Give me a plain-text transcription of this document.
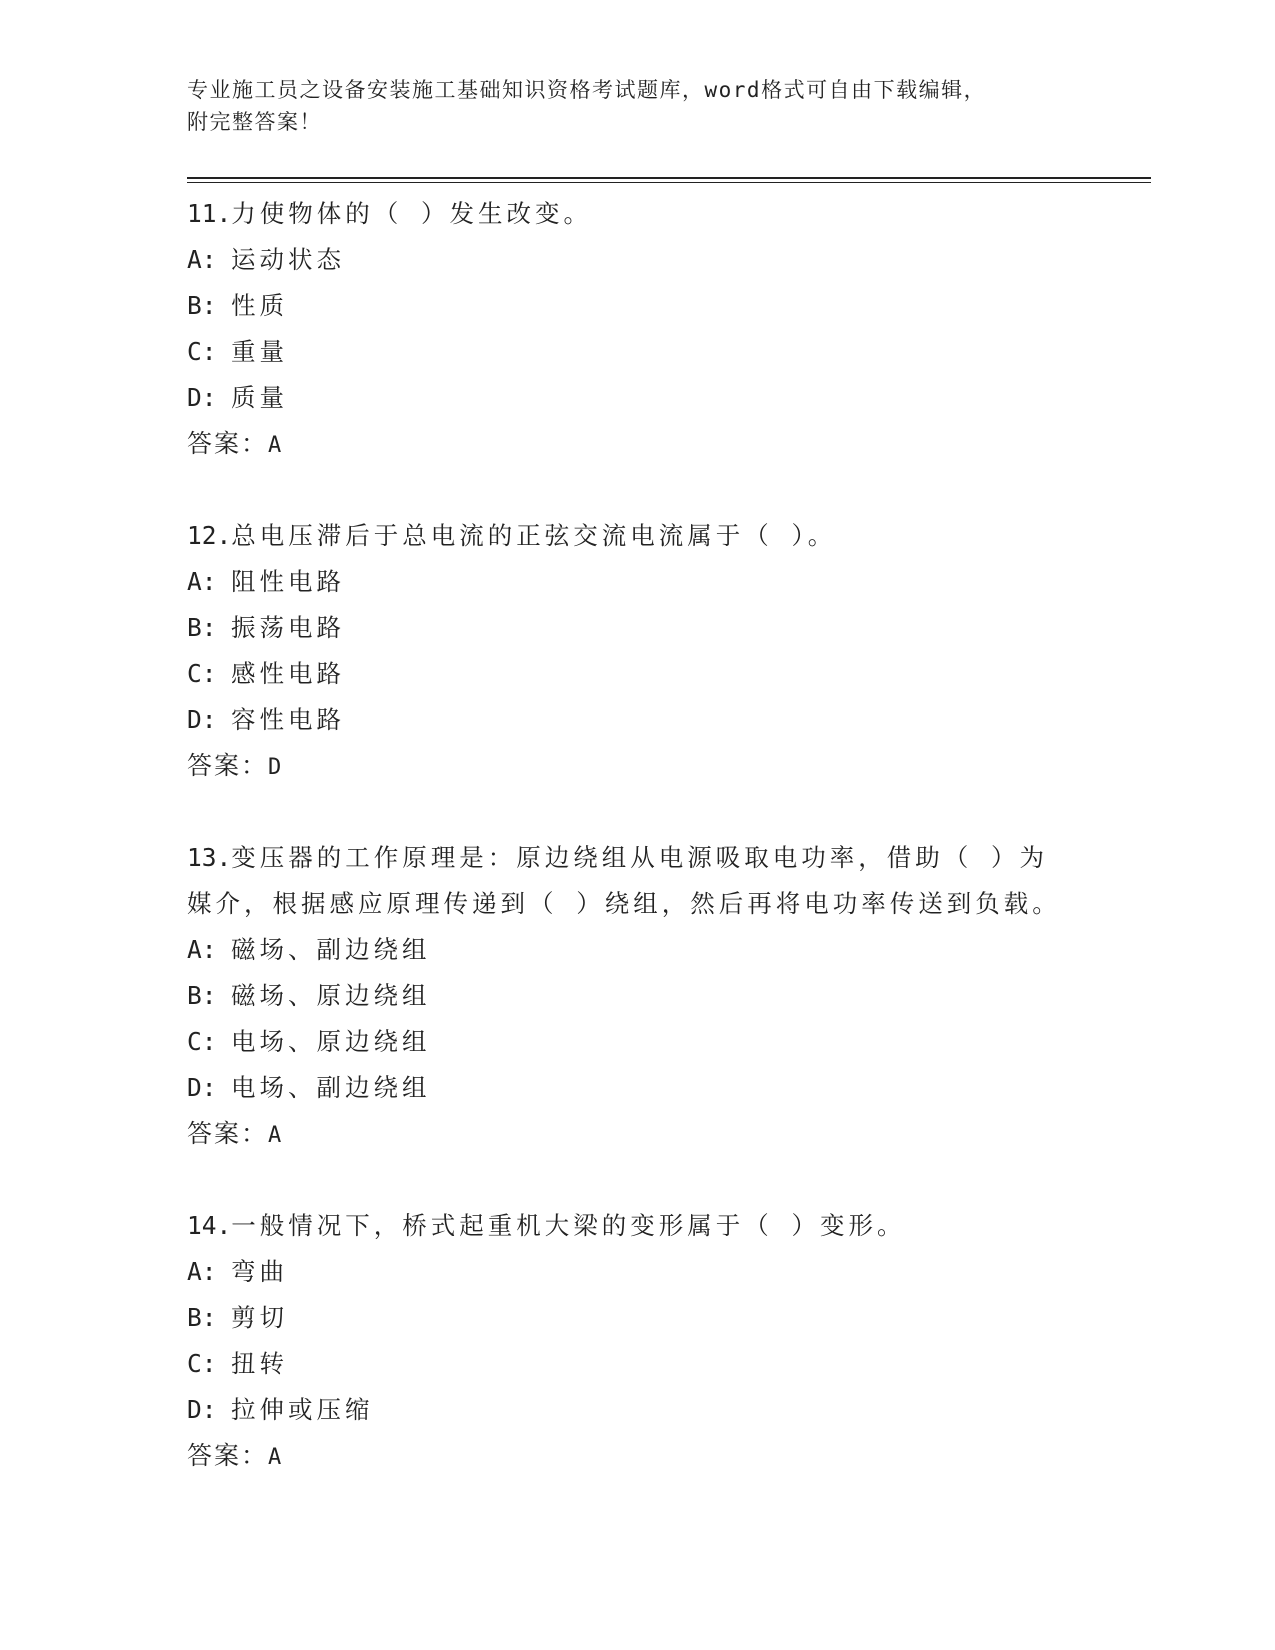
专业施工员之设备安装施工基础知识资格考试题库，word格式可自由下载编辑，
附完整答案！
11.力使物体的（ ）发生改变。
A: 运动状态
B: 性质
C: 重量
D: 质量
答案：A
12.总电压滞后于总电流的正弦交流电流属于（ ）。
A: 阻性电路
B: 振荡电路
C: 感性电路
D: 容性电路
答案：D
13.变压器的工作原理是：原边绕组从电源吸取电功率，借助（ ）为
媒介，根据感应原理传递到（ ）绕组，然后再将电功率传送到负载。
A: 磁场、副边绕组
B: 磁场、原边绕组
C: 电场、原边绕组
D: 电场、副边绕组
答案：A
14.一般情况下，桥式起重机大梁的变形属于（ ）变形。
A: 弯曲
B: 剪切
C: 扭转
D: 拉伸或压缩
答案：A
